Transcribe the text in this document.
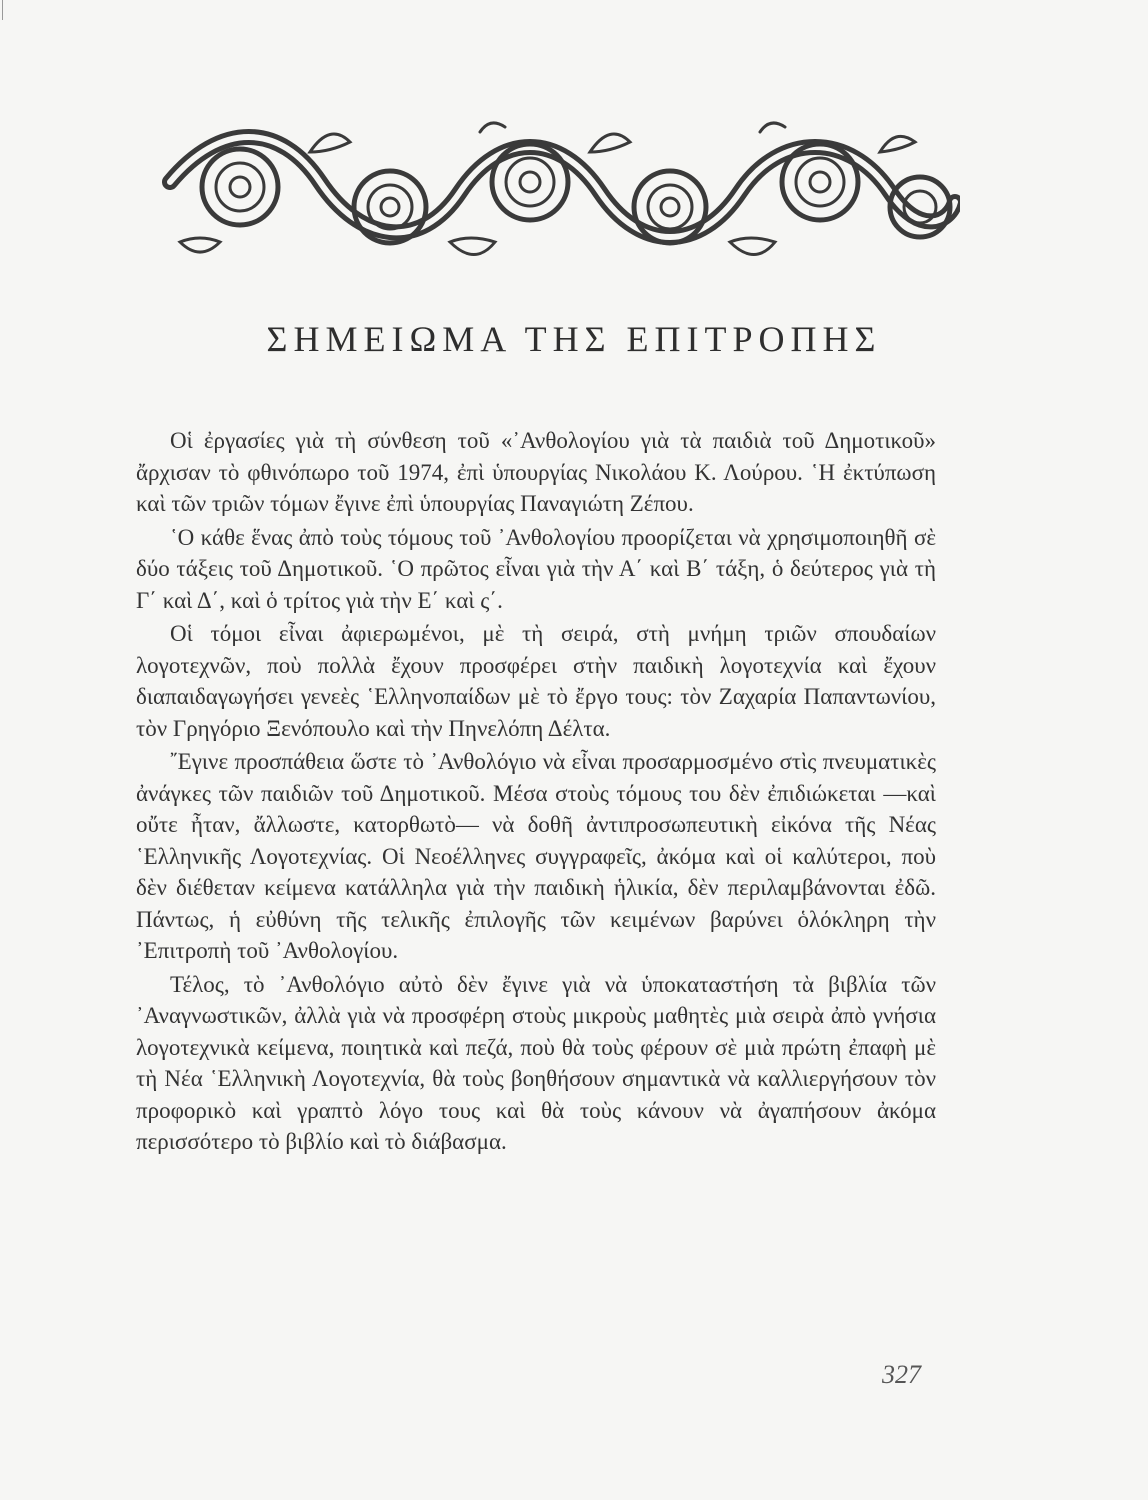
ΣΗΜΕΙΩΜΑ ΤΗΣ ΕΠΙΤΡΟΠΗΣ

Οἱ ἐργασίες γιὰ τὴ σύνθεση τοῦ «᾿Ανθολογίου γιὰ τὰ παιδιὰ τοῦ Δημοτικοῦ» ἄρχισαν τὸ φθινόπωρο τοῦ 1974, ἐπὶ ὑπουργίας Νικολάου Κ. Λούρου. ῾Η ἐκτύπωση καὶ τῶν τριῶν τόμων ἔγινε ἐπὶ ὑπουργίας Παναγιώτη Ζέπου.

῾Ο κάθε ἕνας ἀπὸ τοὺς τόμους τοῦ ᾿Ανθολογίου προορίζεται νὰ χρησιμοποιηθῆ σὲ δύο τάξεις τοῦ Δημοτικοῦ. ῾Ο πρῶτος εἶναι γιὰ τὴν Α΄ καὶ Β΄ τάξη, ὁ δεύτερος γιὰ τὴ Γ΄ καὶ Δ΄, καὶ ὁ τρίτος γιὰ τὴν Ε΄ καὶ ς΄.

Οἱ τόμοι εἶναι ἀφιερωμένοι, μὲ τὴ σειρά, στὴ μνήμη τριῶν σπουδαίων λογοτεχνῶν, ποὺ πολλὰ ἔχουν προσφέρει στὴν παιδικὴ λογοτεχνία καὶ ἔχουν διαπαιδαγωγήσει γενεὲς ῾Ελληνοπαίδων μὲ τὸ ἔργο τους: τὸν Ζαχαρία Παπαντωνίου, τὸν Γρηγόριο Ξενόπουλο καὶ τὴν Πηνελόπη Δέλτα.

῎Εγινε προσπάθεια ὥστε τὸ ᾿Ανθολόγιο νὰ εἶναι προσαρμοσμένο στὶς πνευματικὲς ἀνάγκες τῶν παιδιῶν τοῦ Δημοτικοῦ. Μέσα στοὺς τόμους του δὲν ἐπιδιώκεται —καὶ οὔτε ἦταν, ἄλλωστε, κατορθωτὸ— νὰ δοθῆ ἀντιπροσωπευτικὴ εἰκόνα τῆς Νέας ῾Ελληνικῆς Λογοτεχνίας. Οἱ Νεοέλληνες συγγραφεῖς, ἀκόμα καὶ οἱ καλύτεροι, ποὺ δὲν διέθεταν κείμενα κατάλληλα γιὰ τὴν παιδικὴ ἡλικία, δὲν περιλαμβάνονται ἐδῶ. Πάντως, ἡ εὐθύνη τῆς τελικῆς ἐπιλογῆς τῶν κειμένων βαρύνει ὁλόκληρη τὴν ᾿Επιτροπὴ τοῦ ᾿Ανθολογίου.

Τέλος, τὸ ᾿Ανθολόγιο αὐτὸ δὲν ἔγινε γιὰ νὰ ὑποκαταστήση τὰ βιβλία τῶν ᾿Αναγνωστικῶν, ἀλλὰ γιὰ νὰ προσφέρη στοὺς μικροὺς μαθητὲς μιὰ σειρὰ ἀπὸ γνήσια λογοτεχνικὰ κείμενα, ποιητικὰ καὶ πεζά, ποὺ θὰ τοὺς φέρουν σὲ μιὰ πρώτη ἐπαφὴ μὲ τὴ Νέα ῾Ελληνικὴ Λογοτεχνία, θὰ τοὺς βοηθήσουν σημαντικὰ νὰ καλλιεργήσουν τὸν προφορικὸ καὶ γραπτὸ λόγο τους καὶ θὰ τοὺς κάνουν νὰ ἀγαπήσουν ἀκόμα περισσότερο τὸ βιβλίο καὶ τὸ διάβασμα.

327
